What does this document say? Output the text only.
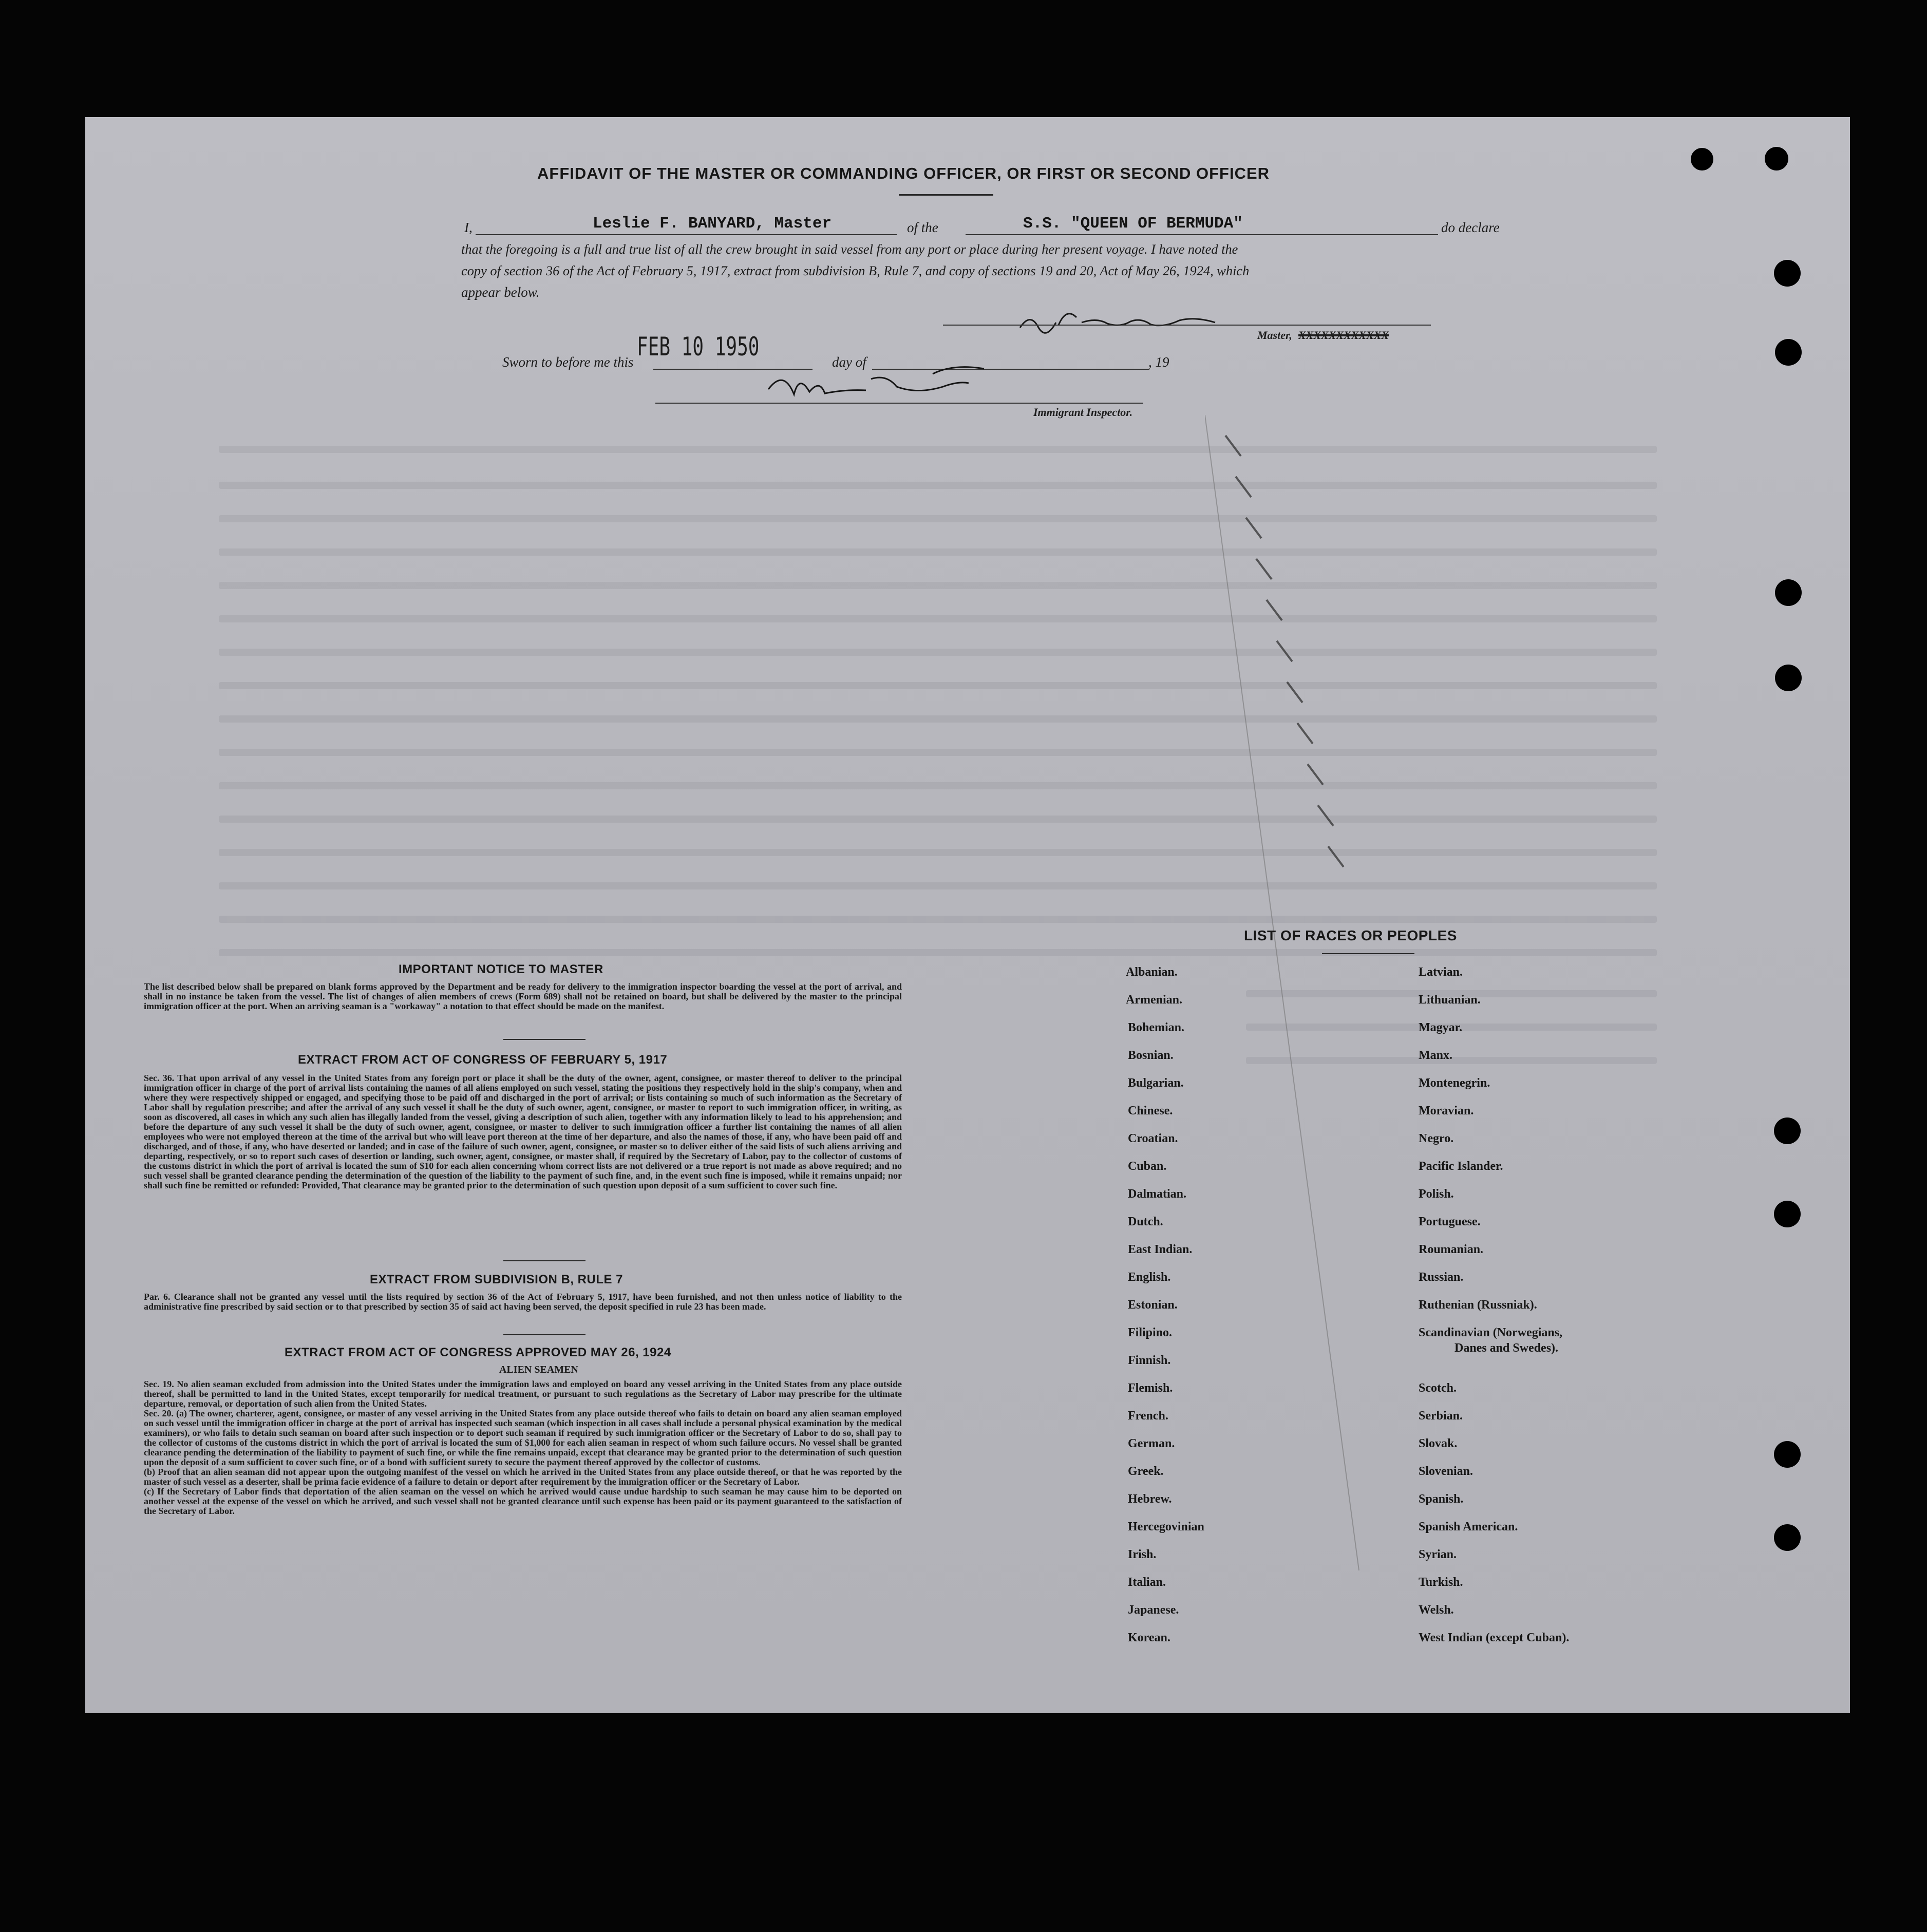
AFFIDAVIT OF THE MASTER OR COMMANDING OFFICER, OR FIRST OR SECOND OFFICER
I,	Leslie F. BANYARD, Master	of the	S.S. "QUEEN OF BERMUDA"	do declare
that the foregoing is a full and true list of all the crew brought in said vessel from any port or place during her present voyage. I have noted the
copy of section 36 of the Act of February 5, 1917, extract from subdivision B, Rule 7, and copy of sections 19 and 20, Act of May 26, 1924, which
appear below.
Master, XXXXXXXXXXXX
Sworn to before me this
FEB 10 1950
day of	, 19
Immigrant Inspector.
IMPORTANT NOTICE TO MASTER
The list described below shall be prepared on blank forms approved by the Department and be ready for delivery to the immigration inspector boarding the vessel at the port of arrival, and shall in no instance be taken from the vessel. The list of changes of alien members of crews (Form 689) shall not be retained on board, but shall be delivered by the master to the principal immigration officer at the port. When an arriving seaman is a "workaway" a notation to that effect should be made on the manifest.
EXTRACT FROM ACT OF CONGRESS OF FEBRUARY 5, 1917
Sec. 36. That upon arrival of any vessel in the United States from any foreign port or place it shall be the duty of the owner, agent, consignee, or master thereof to deliver to the principal immigration officer in charge of the port of arrival lists containing the names of all aliens employed on such vessel, stating the positions they respectively hold in the ship's company, when and where they were respectively shipped or engaged, and specifying those to be paid off and discharged in the port of arrival; or lists containing so much of such information as the Secretary of Labor shall by regulation prescribe; and after the arrival of any such vessel it shall be the duty of such owner, agent, consignee, or master to report to such immigration officer, in writing, as soon as discovered, all cases in which any such alien has illegally landed from the vessel, giving a description of such alien, together with any information likely to lead to his apprehension; and before the departure of any such vessel it shall be the duty of such owner, agent, consignee, or master to deliver to such immigration officer a further list containing the names of all alien employees who were not employed thereon at the time of the arrival but who will leave port thereon at the time of her departure, and also the names of those, if any, who have been paid off and discharged, and of those, if any, who have deserted or landed; and in case of the failure of such owner, agent, consignee, or master so to deliver either of the said lists of such aliens arriving and departing, respectively, or so to report such cases of desertion or landing, such owner, agent, consignee, or master shall, if required by the Secretary of Labor, pay to the collector of customs of the customs district in which the port of arrival is located the sum of $10 for each alien concerning whom correct lists are not delivered or a true report is not made as above required; and no such vessel shall be granted clearance pending the determination of the question of the liability to the payment of such fine, and, in the event such fine is imposed, while it remains unpaid; nor shall such fine be remitted or refunded: Provided, That clearance may be granted prior to the determination of such question upon deposit of a sum sufficient to cover such fine.
EXTRACT FROM SUBDIVISION B, RULE 7
Par. 6. Clearance shall not be granted any vessel until the lists required by section 36 of the Act of February 5, 1917, have been furnished, and not then unless notice of liability to the administrative fine prescribed by said section or to that prescribed by section 35 of said act having been served, the deposit specified in rule 23 has been made.
EXTRACT FROM ACT OF CONGRESS APPROVED MAY 26, 1924
ALIEN SEAMEN
Sec. 19. No alien seaman excluded from admission into the United States under the immigration laws and employed on board any vessel arriving in the United States from any place outside thereof, shall be permitted to land in the United States, except temporarily for medical treatment, or pursuant to such regulations as the Secretary of Labor may prescribe for the ultimate departure, removal, or deportation of such alien from the United States.
Sec. 20. (a) The owner, charterer, agent, consignee, or master of any vessel arriving in the United States from any place outside thereof who fails to detain on board any alien seaman employed on such vessel until the immigration officer in charge at the port of arrival has inspected such seaman (which inspection in all cases shall include a personal physical examination by the medical examiners), or who fails to detain such seaman on board after such inspection or to deport such seaman if required by such immigration officer or the Secretary of Labor to do so, shall pay to the collector of customs of the customs district in which the port of arrival is located the sum of $1,000 for each alien seaman in respect of whom such failure occurs. No vessel shall be granted clearance pending the determination of the liability to payment of such fine, or while the fine remains unpaid, except that clearance may be granted prior to the determination of such question upon the deposit of a sum sufficient to cover such fine, or of a bond with sufficient surety to secure the payment thereof approved by the collector of customs.
(b) Proof that an alien seaman did not appear upon the outgoing manifest of the vessel on which he arrived in the United States from any place outside thereof, or that he was reported by the master of such vessel as a deserter, shall be prima facie evidence of a failure to detain or deport after requirement by the immigration officer or the Secretary of Labor.
(c) If the Secretary of Labor finds that deportation of the alien seaman on the vessel on which he arrived would cause undue hardship to such seaman he may cause him to be deported on another vessel at the expense of the vessel on which he arrived, and such vessel shall not be granted clearance until such expense has been paid or its payment guaranteed to the satisfaction of the Secretary of Labor.
LIST OF RACES OR PEOPLES
Albanian.
Armenian.
Bohemian.
Bosnian.
Bulgarian.
Chinese.
Croatian.
Cuban.
Dalmatian.
Dutch.
East Indian.
English.
Estonian.
Filipino.
Finnish.
Flemish.
French.
German.
Greek.
Hebrew.
Hercegovinian
Irish.
Italian.
Japanese.
Korean.
Latvian.
Lithuanian.
Magyar.
Manx.
Montenegrin.
Moravian.
Negro.
Pacific Islander.
Polish.
Portuguese.
Roumanian.
Russian.
Ruthenian (Russniak).
Scandinavian (Norwegians,
Danes and Swedes).
Scotch.
Serbian.
Slovak.
Slovenian.
Spanish.
Spanish American.
Syrian.
Turkish.
Welsh.
West Indian (except Cuban).
